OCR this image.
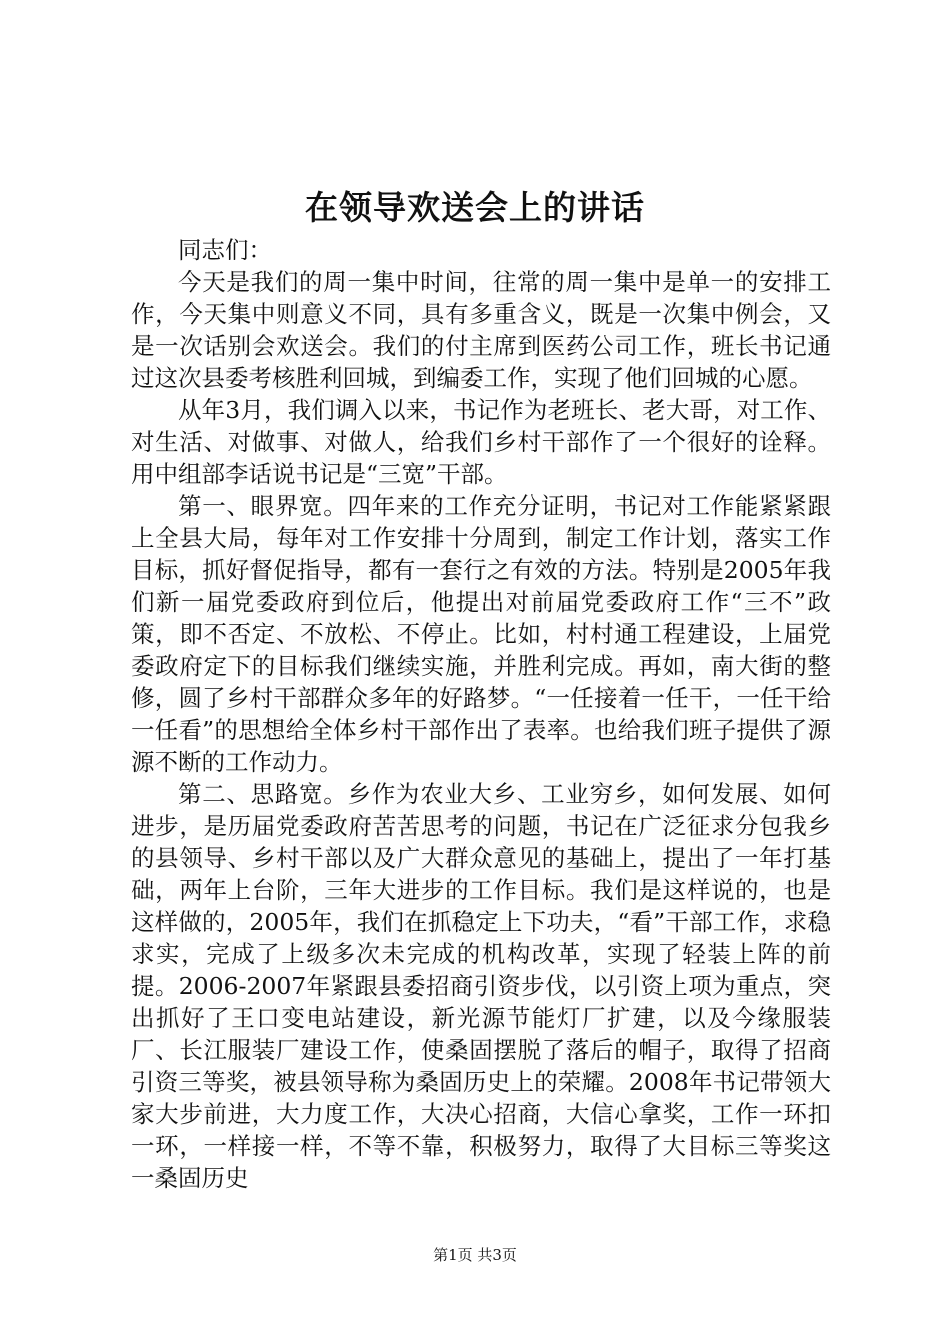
在领导欢送会上的讲话

同志们：

今天是我们的周一集中时间，往常的周一集中是单一的安排工作，今天集中则意义不同，具有多重含义，既是一次集中例会，又是一次话别会欢送会。我们的付主席到医药公司工作，班长书记通过这次县委考核胜利回城，到编委工作，实现了他们回城的心愿。

从年3月，我们调入以来，书记作为老班长、老大哥，对工作、对生活、对做事、对做人，给我们乡村干部作了一个很好的诠释。用中组部李话说书记是“三宽”干部。

第一、眼界宽。四年来的工作充分证明，书记对工作能紧紧跟上全县大局，每年对工作安排十分周到，制定工作计划，落实工作目标，抓好督促指导，都有一套行之有效的方法。特别是2005年我们新一届党委政府到位后，他提出对前届党委政府工作“三不”政策，即不否定、不放松、不停止。比如，村村通工程建设，上届党委政府定下的目标我们继续实施，并胜利完成。再如，南大街的整修，圆了乡村干部群众多年的好路梦。“一任接着一任干，一任干给一任看”的思想给全体乡村干部作出了表率。也给我们班子提供了源源不断的工作动力。

第二、思路宽。乡作为农业大乡、工业穷乡，如何发展、如何进步，是历届党委政府苦苦思考的问题，书记在广泛征求分包我乡的县领导、乡村干部以及广大群众意见的基础上，提出了一年打基础，两年上台阶，三年大进步的工作目标。我们是这样说的，也是这样做的，2005年，我们在抓稳定上下功夫，“看”干部工作，求稳求实，完成了上级多次未完成的机构改革，实现了轻装上阵的前提。2006-2007年紧跟县委招商引资步伐，以引资上项为重点，突出抓好了王口变电站建设，新光源节能灯厂扩建，以及今缘服装厂、长江服装厂建设工作，使桑固摆脱了落后的帽子，取得了招商引资三等奖，被县领导称为桑固历史上的荣耀。2008年书记带领大家大步前进，大力度工作，大决心招商，大信心拿奖，工作一环扣一环，一样接一样，不等不靠，积极努力，取得了大目标三等奖这一桑固历史

第1页 共3页
